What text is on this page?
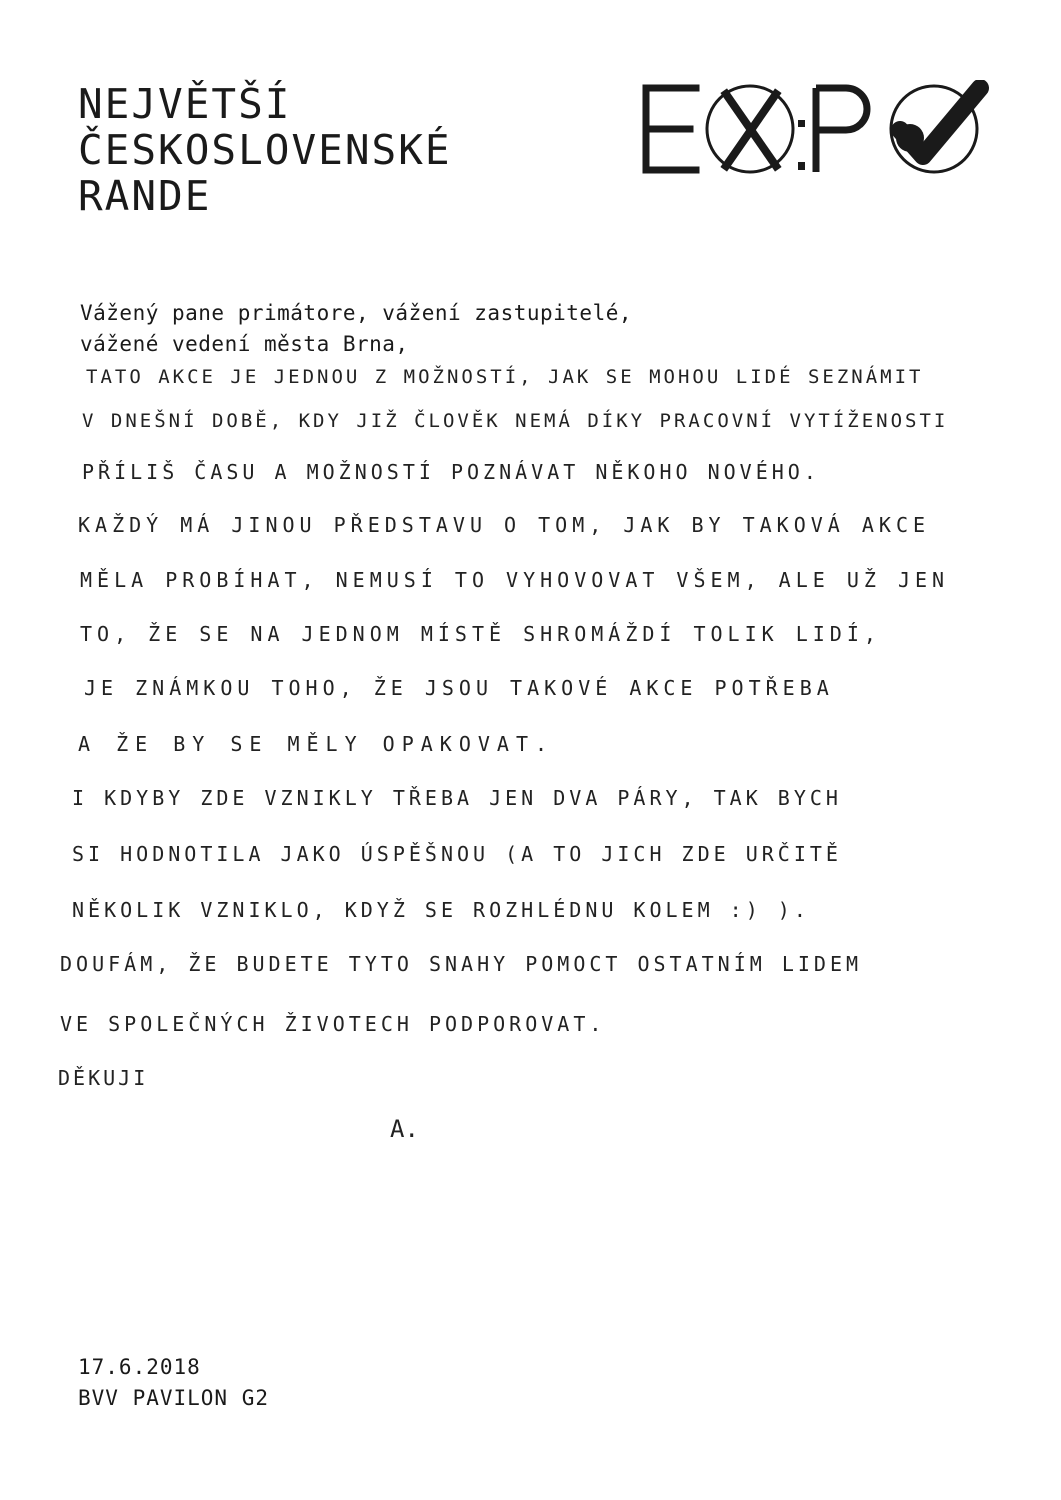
NEJVĚTŠÍ
ČESKOSLOVENSKÉ
RANDE
Vážený pane primátore, vážení zastupitelé,
vážené vedení města Brna,
TATO AKCE JE JEDNOU Z MOŽNOSTÍ, JAK SE MOHOU LIDÉ SEZNÁMIT
V DNEŠNÍ DOBĚ, KDY JIŽ ČLOVĚK NEMÁ DÍKY PRACOVNÍ VYTÍŽENOSTI
PŘÍLIŠ ČASU A MOŽNOSTÍ POZNÁVAT NĚKOHO NOVÉHO.
KAŽDÝ MÁ JINOU PŘEDSTAVU O TOM, JAK BY TAKOVÁ AKCE
MĚLA PROBÍHAT, NEMUSÍ TO VYHOVOVAT VŠEM, ALE UŽ JEN
TO, ŽE SE NA JEDNOM MÍSTĚ SHROMÁŽDÍ TOLIK LIDÍ,
JE ZNÁMKOU TOHO, ŽE JSOU TAKOVÉ AKCE POTŘEBA
A ŽE BY SE MĚLY OPAKOVAT.
I KDYBY ZDE VZNIKLY TŘEBA JEN DVA PÁRY, TAK BYCH
SI HODNOTILA JAKO ÚSPĚŠNOU (A TO JICH ZDE URČITĚ
NĚKOLIK VZNIKLO, KDYŽ SE ROZHLÉDNU KOLEM :) ).
DOUFÁM, ŽE BUDETE TYTO SNAHY POMOCT OSTATNÍM LIDEM
VE SPOLEČNÝCH ŽIVOTECH PODPOROVAT.
DĚKUJI
A.
17.6.2018
BVV PAVILON G2
